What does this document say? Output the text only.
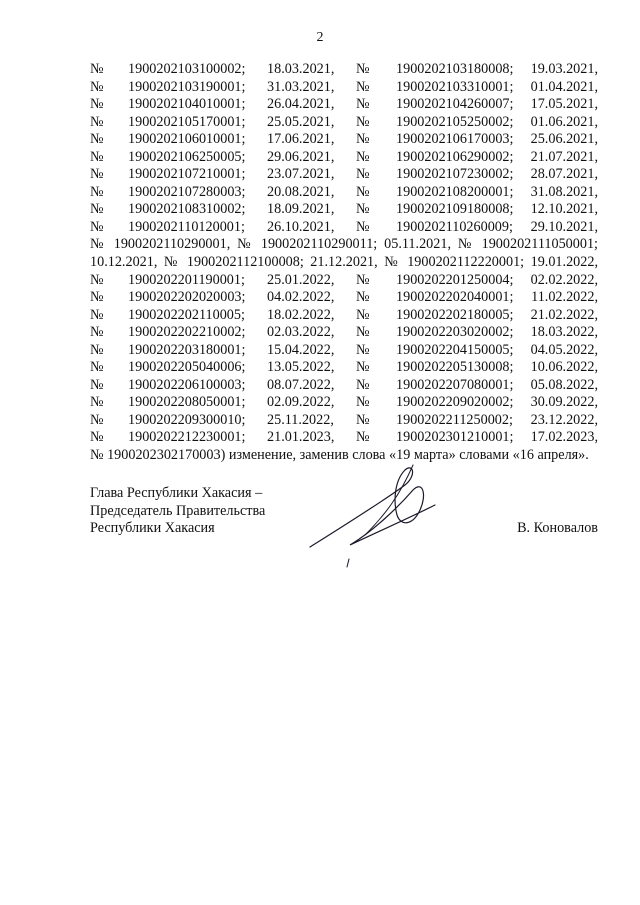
2
№ 1900202103100002; 18.03.2021, № 1900202103180008; 19.03.2021,
№ 1900202103190001; 31.03.2021, № 1900202103310001; 01.04.2021,
№ 1900202104010001; 26.04.2021, № 1900202104260007; 17.05.2021,
№ 1900202105170001; 25.05.2021, № 1900202105250002; 01.06.2021,
№ 1900202106010001; 17.06.2021, № 1900202106170003; 25.06.2021,
№ 1900202106250005; 29.06.2021, № 1900202106290002; 21.07.2021,
№ 1900202107210001; 23.07.2021, № 1900202107230002; 28.07.2021,
№ 1900202107280003; 20.08.2021, № 1900202108200001; 31.08.2021,
№ 1900202108310002; 18.09.2021, № 1900202109180008; 12.10.2021,
№ 1900202110120001; 26.10.2021, № 1900202110260009; 29.10.2021,
№ 1900202110290001, № 1900202110290011; 05.11.2021, № 1900202111050001;
10.12.2021, № 1900202112100008; 21.12.2021, № 1900202112220001; 19.01.2022,
№ 1900202201190001; 25.01.2022, № 1900202201250004; 02.02.2022,
№ 1900202202020003; 04.02.2022, № 1900202202040001; 11.02.2022,
№ 1900202202110005; 18.02.2022, № 1900202202180005; 21.02.2022,
№ 1900202202210002; 02.03.2022, № 1900202203020002; 18.03.2022,
№ 1900202203180001; 15.04.2022, № 1900202204150005; 04.05.2022,
№ 1900202205040006; 13.05.2022, № 1900202205130008; 10.06.2022,
№ 1900202206100003; 08.07.2022, № 1900202207080001; 05.08.2022,
№ 1900202208050001; 02.09.2022, № 1900202209020002; 30.09.2022,
№ 1900202209300010; 25.11.2022, № 1900202211250002; 23.12.2022,
№ 1900202212230001; 21.01.2023, № 1900202301210001; 17.02.2023,
№ 1900202302170003) изменение, заменив слова «19 марта» словами «16 апреля».
Глава Республики Хакасия –
Председатель Правительства
Республики Хакасия	В. Коновалов
